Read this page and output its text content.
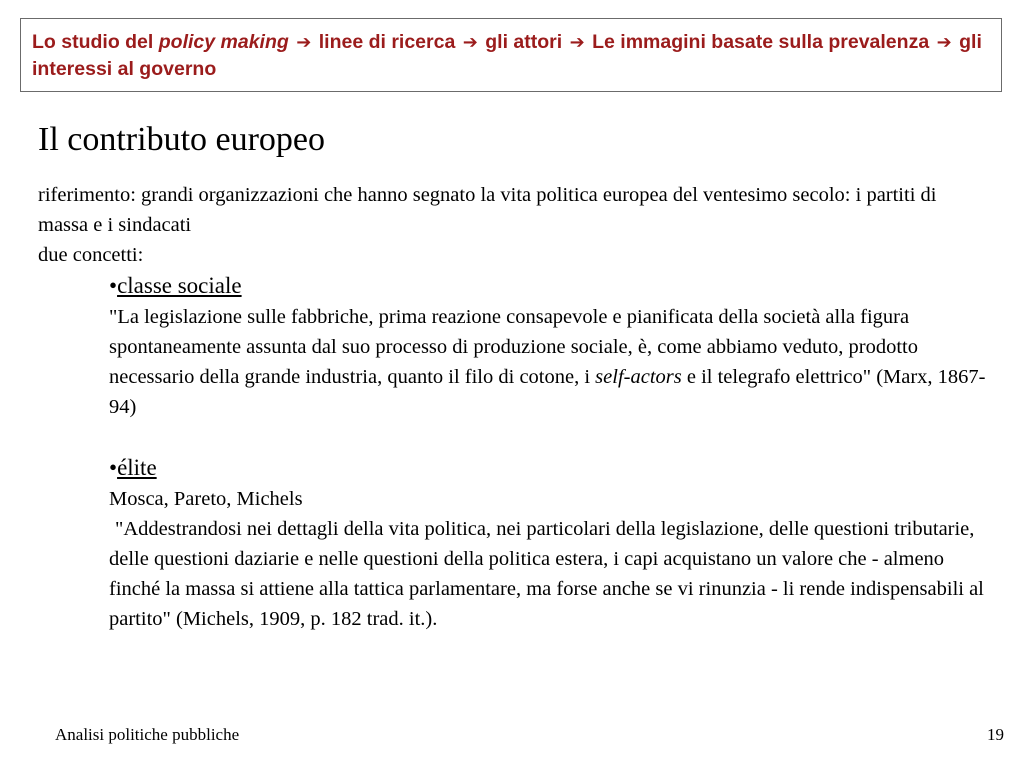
Lo studio del policy making ➔ linee di ricerca ➔ gli attori ➔ Le immagini basate sulla prevalenza ➔ gli interessi al governo
Il contributo europeo

riferimento: grandi organizzazioni che hanno segnato la vita politica europea del ventesimo secolo: i partiti di massa e i sindacati

due concetti:

•classe sociale

"La legislazione sulle fabbriche, prima reazione consapevole e pianificata della società alla figura spontaneamente assunta dal suo processo di produzione sociale, è, come abbiamo veduto, prodotto necessario della grande industria, quanto il filo di cotone, i self-actors e il telegrafo elettrico" (Marx, 1867-94)

•élite

Mosca, Pareto, Michels

"Addestrandosi nei dettagli della vita politica, nei particolari della legislazione, delle questioni tributarie, delle questioni daziarie e nelle questioni della politica estera, i capi acquistano un valore che - almeno finché la massa si attiene alla tattica parlamentare, ma forse anche se vi rinunzia - li rende indispensabili al partito" (Michels, 1909, p. 182 trad. it.).

Analisi politiche pubbliche	19
